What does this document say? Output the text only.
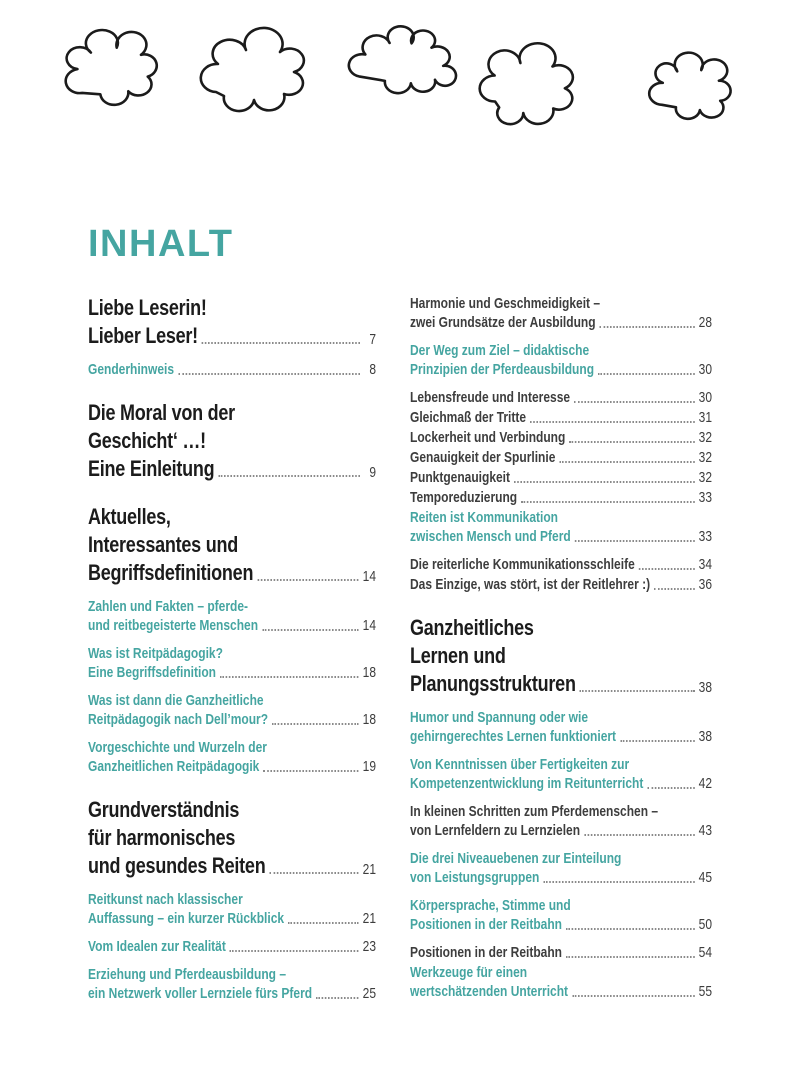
INHALT
Liebe Leserin!
Lieber Leser!	7
Genderhinweis	8
Die Moral von der
Geschicht‘ …!
Eine Einleitung	9
Aktuelles,
Interessantes und
Begriffsdefinitionen	14
Zahlen und Fakten – pferde-
und reitbegeisterte Menschen	14
Was ist Reitpädagogik?
Eine Begriffsdefinition	18
Was ist dann die Ganzheitliche
Reitpädagogik nach Dell’mour?	18
Vorgeschichte und Wurzeln der
Ganzheitlichen Reitpädagogik	19
Grundverständnis
für harmonisches
und gesundes Reiten	21
Reitkunst nach klassischer
Auffassung – ein kurzer Rückblick	21
Vom Idealen zur Realität	23
Erziehung und Pferdeausbildung –
ein Netzwerk voller Lernziele fürs Pferd	25
Harmonie und Geschmeidigkeit –
zwei Grundsätze der Ausbildung	28
Der Weg zum Ziel – didaktische
Prinzipien der Pferdeausbildung	30
Lebensfreude und Interesse	30
Gleichmaß der Tritte	31
Lockerheit und Verbindung	32
Genauigkeit der Spurlinie	32
Punktgenauigkeit	32
Temporeduzierung	33
Reiten ist Kommunikation
zwischen Mensch und Pferd	33
Die reiterliche Kommunikationsschleife	34
Das Einzige, was stört, ist der Reitlehrer :)	36
Ganzheitliches
Lernen und
Planungsstrukturen	38
Humor und Spannung oder wie
gehirngerechtes Lernen funktioniert	38
Von Kenntnissen über Fertigkeiten zur
Kompetenzentwicklung im Reitunterricht	42
In kleinen Schritten zum Pferdemenschen –
von Lernfeldern zu Lernzielen	43
Die drei Niveauebenen zur Einteilung
von Leistungsgruppen	45
Körpersprache, Stimme und
Positionen in der Reitbahn	50
Positionen in der Reitbahn	54
Werkzeuge für einen
wertschätzenden Unterricht	55
